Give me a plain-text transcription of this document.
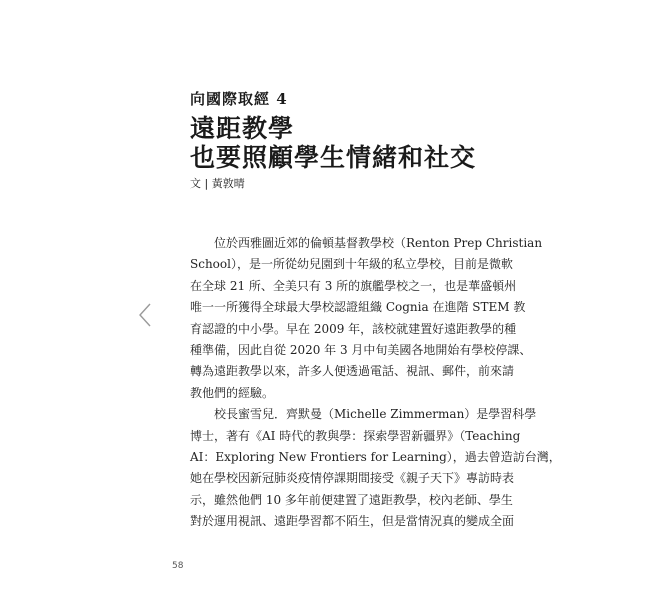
向國際取經 4
遠距教學
也要照顧學生情緒和社交
文 | 黃敦晴
　　位於西雅圖近郊的倫頓基督教學校（Renton Prep Christian
School），是一所從幼兒園到十年級的私立學校，目前是微軟
在全球 21 所、全美只有 3 所的旗艦學校之一，也是華盛頓州
唯一一所獲得全球最大學校認證組織 Cognia 在進階 STEM 教
育認證的中小學。早在 2009 年，該校就建置好遠距教學的種
種準備，因此自從 2020 年 3 月中旬美國各地開始有學校停課、
轉為遠距教學以來，許多人便透過電話、視訊、郵件，前來請
教他們的經驗。
　　校長蜜雪兒．齊默曼（Michelle Zimmerman）是學習科學
博士，著有《AI 時代的教與學：探索學習新疆界》（Teaching
AI：Exploring New Frontiers for Learning），過去曾造訪台灣，
她在學校因新冠肺炎疫情停課期間接受《親子天下》專訪時表
示，雖然他們 10 多年前便建置了遠距教學，校內老師、學生
對於運用視訊、遠距學習都不陌生，但是當情況真的變成全面
58
